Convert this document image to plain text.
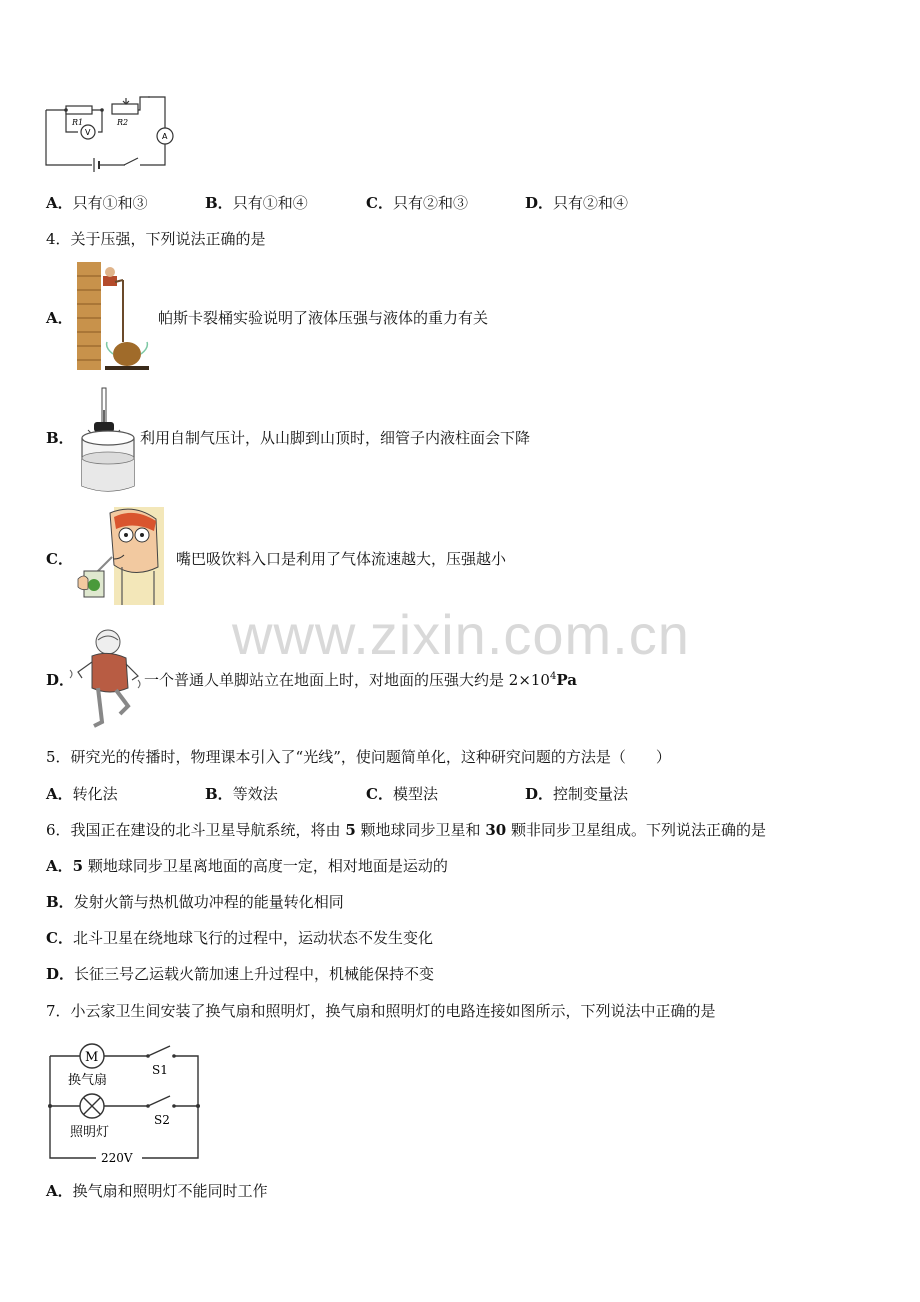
R1	R2
V	A
A．只有①和③	B．只有①和④	C．只有②和③	D．只有②和④
4．关于压强，下列说法正确的是
A．	帕斯卡裂桶实验说明了液体压强与液体的重力有关
B．	利用自制气压计，从山脚到山顶时，细管子内液柱面会下降
C．	嘴巴吸饮料入口是利用了气体流速越大，压强越小
www.zixin.com.cn
D．	一个普通人单脚站立在地面上时，对地面的压强大约是 $2\times 10^4Pa$
5．研究光的传播时，物理课本引入了“光线”，使问题简单化，这种研究问题的方法是（　　）
A．转化法	B．等效法	C．模型法	D．控制变量法
6．我国正在建设的北斗卫星导航系统，将由 5 颗地球同步卫星和 30 颗非同步卫星组成。下列说法正确的是
A．5 颗地球同步卫星离地面的高度一定，相对地面是运动的
B．发射火箭与热机做功冲程的能量转化相同
C．北斗卫星在绕地球飞行的过程中，运动状态不发生变化
D．长征三号乙运载火箭加速上升过程中，机械能保持不变
7．小云家卫生间安装了换气扇和照明灯，换气扇和照明灯的电路连接如图所示，下列说法中正确的是
M
换气扇
照明灯
S1
S2
220V
A．换气扇和照明灯不能同时工作
